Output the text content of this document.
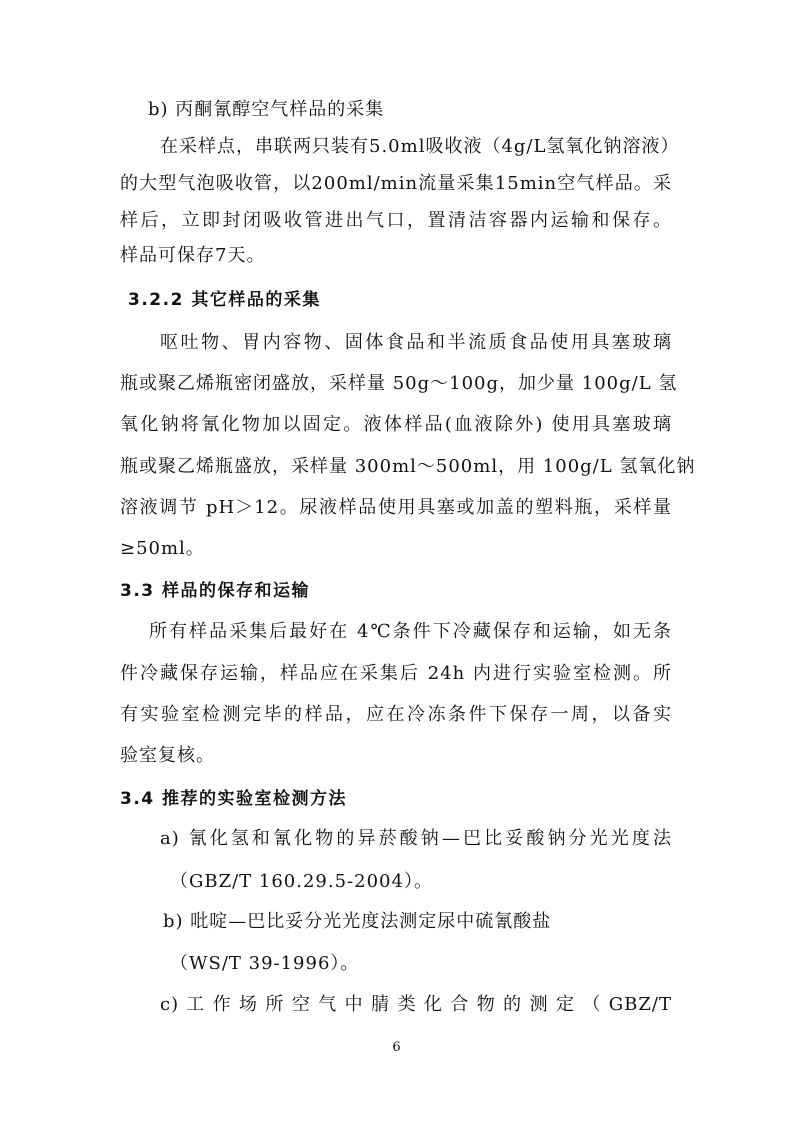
b) 丙酮氰醇空气样品的采集
在采样点，串联两只装有5.0ml吸收液（4g/L氢氧化钠溶液）
的大型气泡吸收管，以200ml/min流量采集15min空气样品。采
样后，立即封闭吸收管进出气口，置清洁容器内运输和保存。
样品可保存7天。
3.2.2 其它样品的采集
呕吐物、胃内容物、固体食品和半流质食品使用具塞玻璃
瓶或聚乙烯瓶密闭盛放，采样量 50g～100g，加少量 100g/L 氢
氧化钠将氰化物加以固定。液体样品(血液除外) 使用具塞玻璃
瓶或聚乙烯瓶盛放，采样量 300ml～500ml，用 100g/L 氢氧化钠
溶液调节 pH＞12。尿液样品使用具塞或加盖的塑料瓶，采样量
≥50ml。
3.3 样品的保存和运输
所有样品采集后最好在 4℃条件下冷藏保存和运输，如无条
件冷藏保存运输，样品应在采集后 24h 内进行实验室检测。所
有实验室检测完毕的样品，应在冷冻条件下保存一周，以备实
验室复核。
3.4 推荐的实验室检测方法
a) 氰化氢和氰化物的异菸酸钠—巴比妥酸钠分光光度法
（GBZ/T 160.29.5-2004）。
b) 吡啶—巴比妥分光光度法测定尿中硫氰酸盐
（WS/T 39-1996）。
c) 工 作 场 所 空 气 中 腈 类 化 合 物 的 测 定 （ GBZ/T
6
